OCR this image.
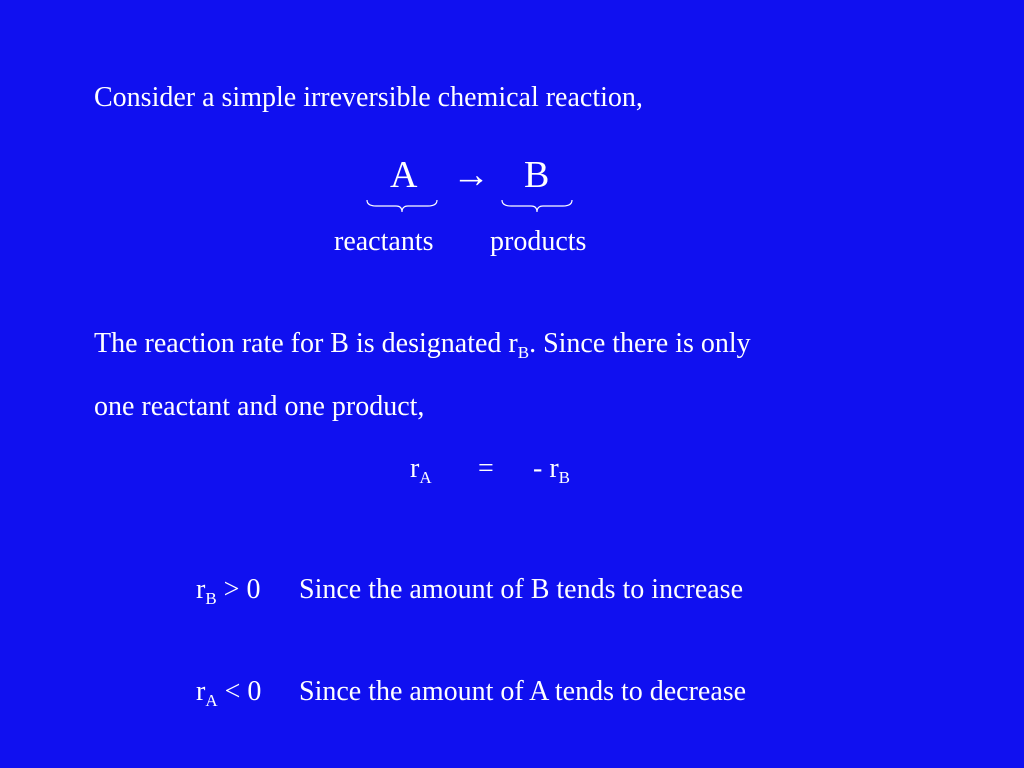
Consider a simple irreversible chemical reaction,
A → B
reactants products
The reaction rate for B is designated $r_B$. Since there is only
one reactant and one product,
$r_A$ = - $r_B$
$r_B > 0$ Since the amount of B tends to increase
$r_A < 0$ Since the amount of A tends to decrease
